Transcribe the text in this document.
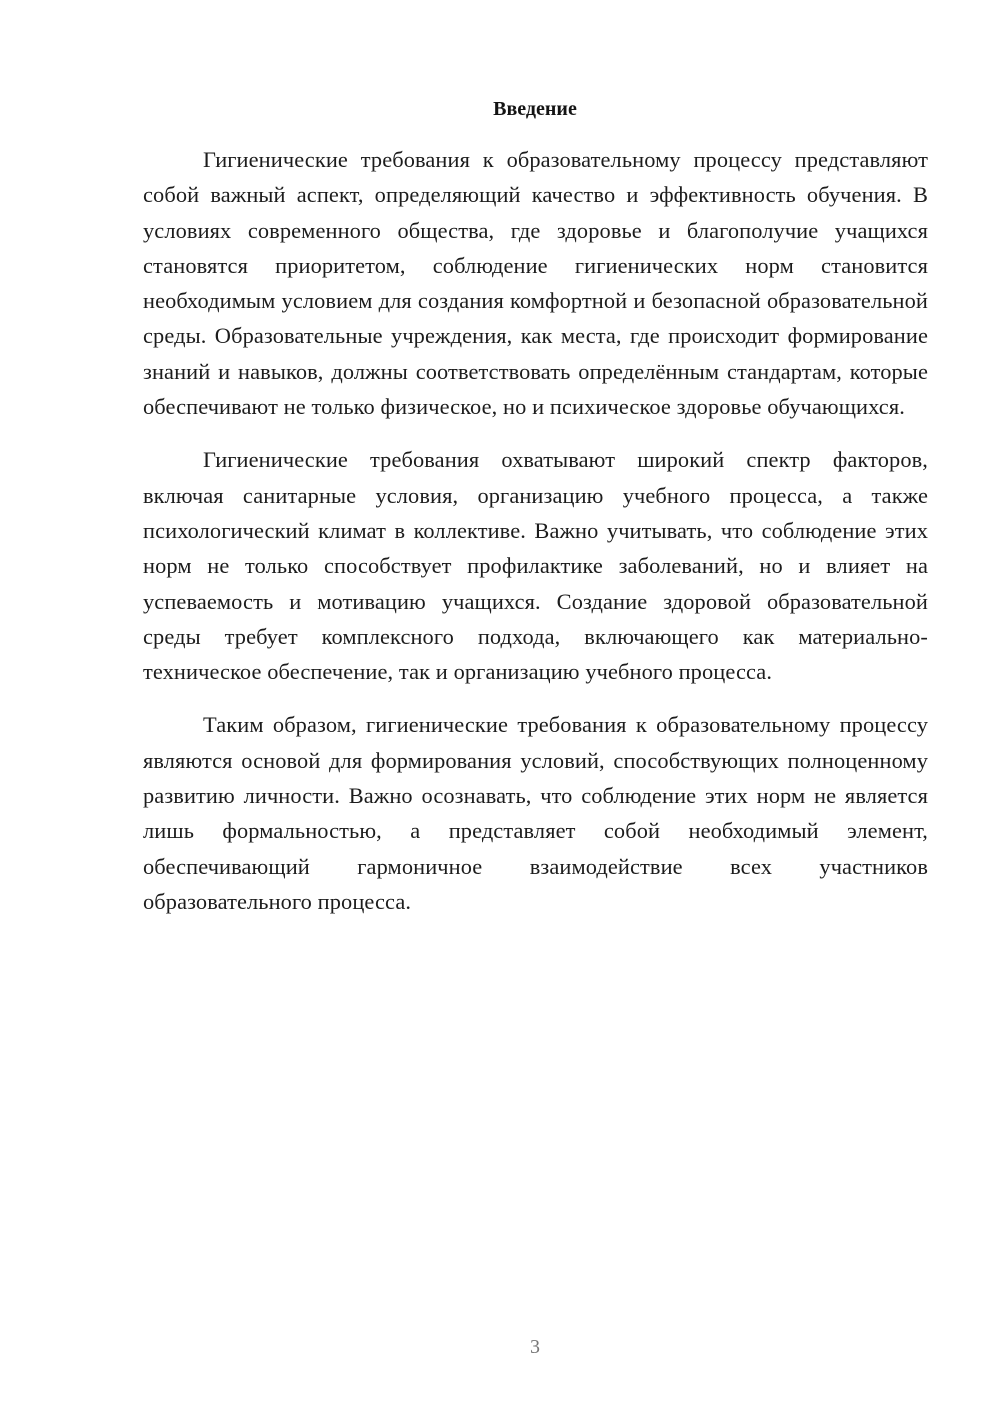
Введение

Гигиенические требования к образовательному процессу представляют собой важный аспект, определяющий качество и эффективность обучения. В условиях современного общества, где здоровье и благополучие учащихся становятся приоритетом, соблюдение гигиенических норм становится необходимым условием для создания комфортной и безопасной образовательной среды. Образовательные учреждения, как места, где происходит формирование знаний и навыков, должны соответствовать определённым стандартам, которые обеспечивают не только физическое, но и психическое здоровье обучающихся.

Гигиенические требования охватывают широкий спектр факторов, включая санитарные условия, организацию учебного процесса, а также психологический климат в коллективе. Важно учитывать, что соблюдение этих норм не только способствует профилактике заболеваний, но и влияет на успеваемость и мотивацию учащихся. Создание здоровой образовательной среды требует комплексного подхода, включающего как материально-техническое обеспечение, так и организацию учебного процесса.

Таким образом, гигиенические требования к образовательному процессу являются основой для формирования условий, способствующих полноценному развитию личности. Важно осознавать, что соблюдение этих норм не является лишь формальностью, а представляет собой необходимый элемент, обеспечивающий гармоничное взаимодействие всех участников образовательного процесса.

3
